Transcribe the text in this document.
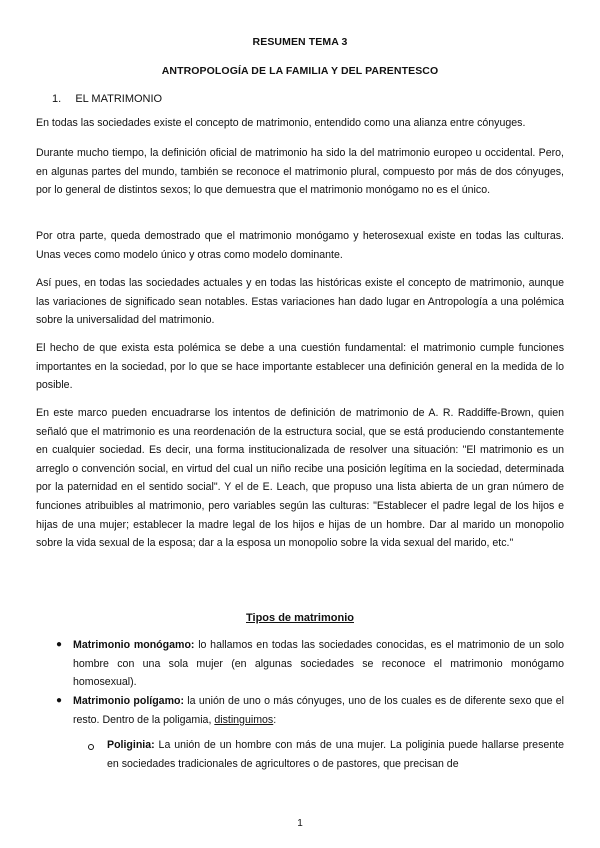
RESUMEN TEMA 3
ANTROPOLOGÍA DE LA FAMILIA Y DEL PARENTESCO
1. EL MATRIMONIO
En todas las sociedades existe el concepto de matrimonio, entendido como una alianza entre cónyuges.
Durante mucho tiempo, la definición oficial de matrimonio ha sido la del matrimonio europeo u occidental. Pero, en algunas partes del mundo, también se reconoce el matrimonio plural, compuesto por más de dos cónyuges, por lo general de distintos sexos; lo que demuestra que el matrimonio monógamo no es el único.
Por otra parte, queda demostrado que el matrimonio monógamo y heterosexual existe en todas las culturas. Unas veces como modelo único y otras como modelo dominante.
Así pues, en todas las sociedades actuales y en todas las históricas existe el concepto de matrimonio, aunque las variaciones de significado sean notables. Estas variaciones han dado lugar en Antropología a una polémica sobre la universalidad del matrimonio.
El hecho de que exista esta polémica se debe a una cuestión fundamental: el matrimonio cumple funciones importantes en la sociedad, por lo que se hace importante establecer una definición general en la medida de lo posible.
En este marco pueden encuadrarse los intentos de definición de matrimonio de A. R. Raddiffe-Brown, quien señaló que el matrimonio es una reordenación de la estructura social, que se está produciendo constantemente en cualquier sociedad. Es decir, una forma institucionalizada de resolver una situación: "El matrimonio es un arreglo o convención social, en virtud del cual un niño recibe una posición legítima en la sociedad, determinada por la paternidad en el sentido social". Y el de E. Leach, que propuso una lista abierta de un gran número de funciones atribuibles al matrimonio, pero variables según las culturas: "Establecer el padre legal de los hijos e hijas de una mujer; establecer la madre legal de los hijos e hijas de un hombre. Dar al marido un monopolio sobre la vida sexual de la esposa; dar a la esposa un monopolio sobre la vida sexual del marido, etc."
Tipos de matrimonio
● Matrimonio monógamo: lo hallamos en todas las sociedades conocidas, es el matrimonio de un solo hombre con una sola mujer (en algunas sociedades se reconoce el matrimonio monógamo homosexual).
● Matrimonio polígamo: la unión de uno o más cónyuges, uno de los cuales es de diferente sexo que el resto. Dentro de la poligamia, distinguimos:
Poliginia: La unión de un hombre con más de una mujer. La poliginia puede hallarse presente en sociedades tradicionales de agricultores o de pastores, que precisan de
1
